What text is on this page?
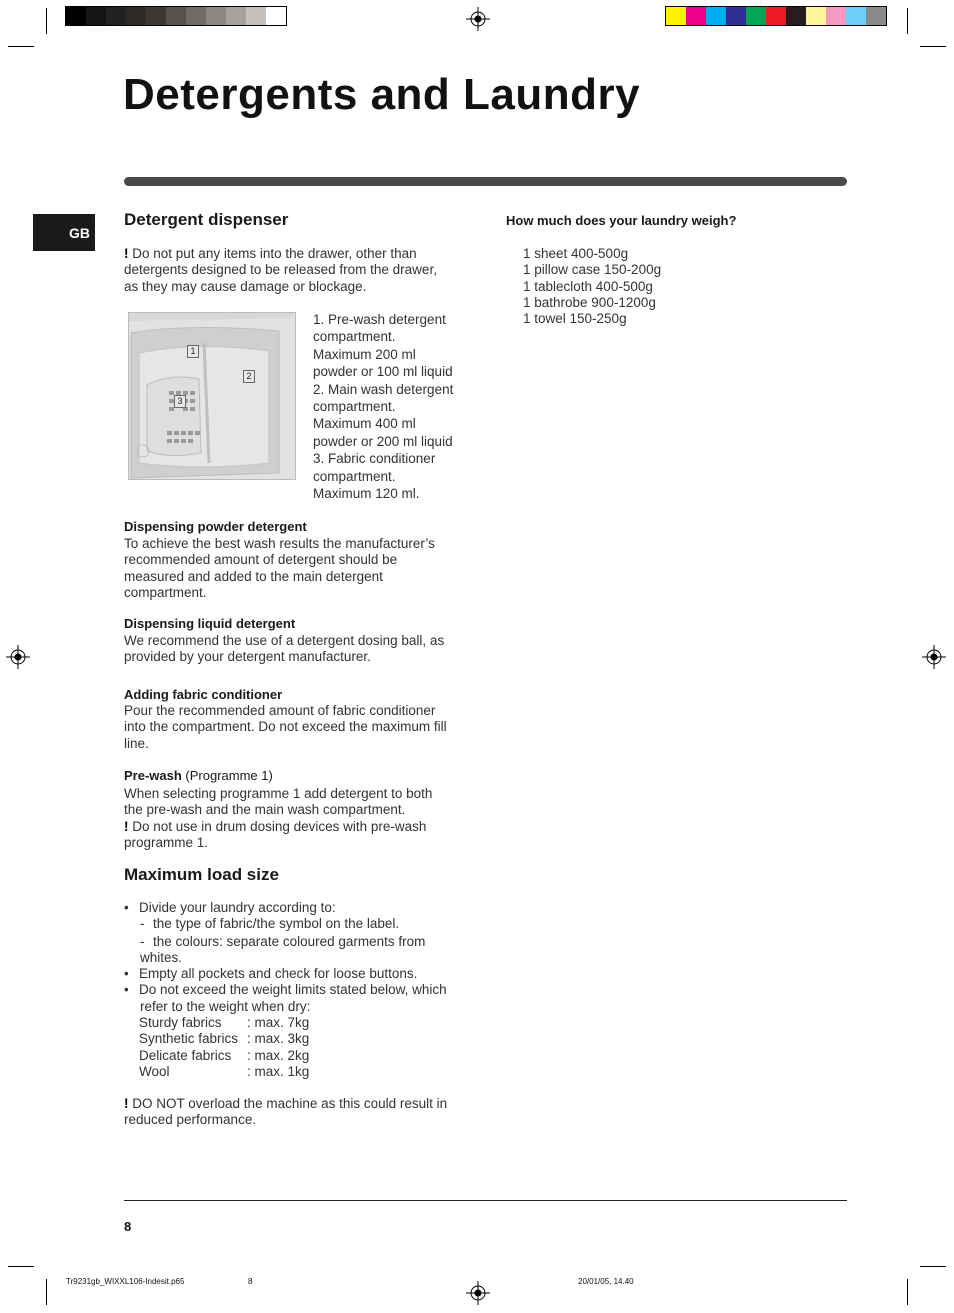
Detergents and Laundry
GB
Detergent dispenser
! Do not put any items into the drawer, other than
detergents designed to be released from the drawer,
as they may cause damage or blockage.
1
2
3
1. Pre-wash detergent
compartment.
Maximum 200 ml
powder or 100 ml liquid
2. Main wash detergent
compartment.
Maximum 400 ml
powder or 200 ml liquid
3. Fabric conditioner
compartment.
Maximum 120 ml.
Dispensing powder detergent
To achieve the best wash results the manufacturer’s
recommended amount of detergent should be
measured and added to the main detergent
compartment.
Dispensing liquid detergent
We recommend the use of a detergent dosing ball, as
provided by your detergent manufacturer.
Adding fabric conditioner
Pour the recommended amount of fabric conditioner
into the compartment. Do not exceed the maximum fill
line.
Pre-wash (Programme 1)
When selecting programme 1 add detergent to both
the pre-wash and the main wash compartment.
! Do not use in drum dosing devices with pre-wash
programme 1.
Maximum load size
• Divide your laundry according to:
- the type of fabric/the symbol on the label.
- the colours: separate coloured garments from
whites.
• Empty all pockets and check for loose buttons.
• Do not exceed the weight limits stated below, which
refer to the weight when dry:
Sturdy fabrics : max. 7kg
Synthetic fabrics : max. 3kg
Delicate fabrics : max. 2kg
Wool	: max. 1kg
! DO NOT overload the machine as this could result in
reduced performance.
How much does your laundry weigh?
1 sheet 400-500g
1 pillow case 150-200g
1 tablecloth 400-500g
1 bathrobe 900-1200g
1 towel 150-250g
8
Tr9231gb_WIXXL106-Indesit.p65	8	20/01/05, 14.40
